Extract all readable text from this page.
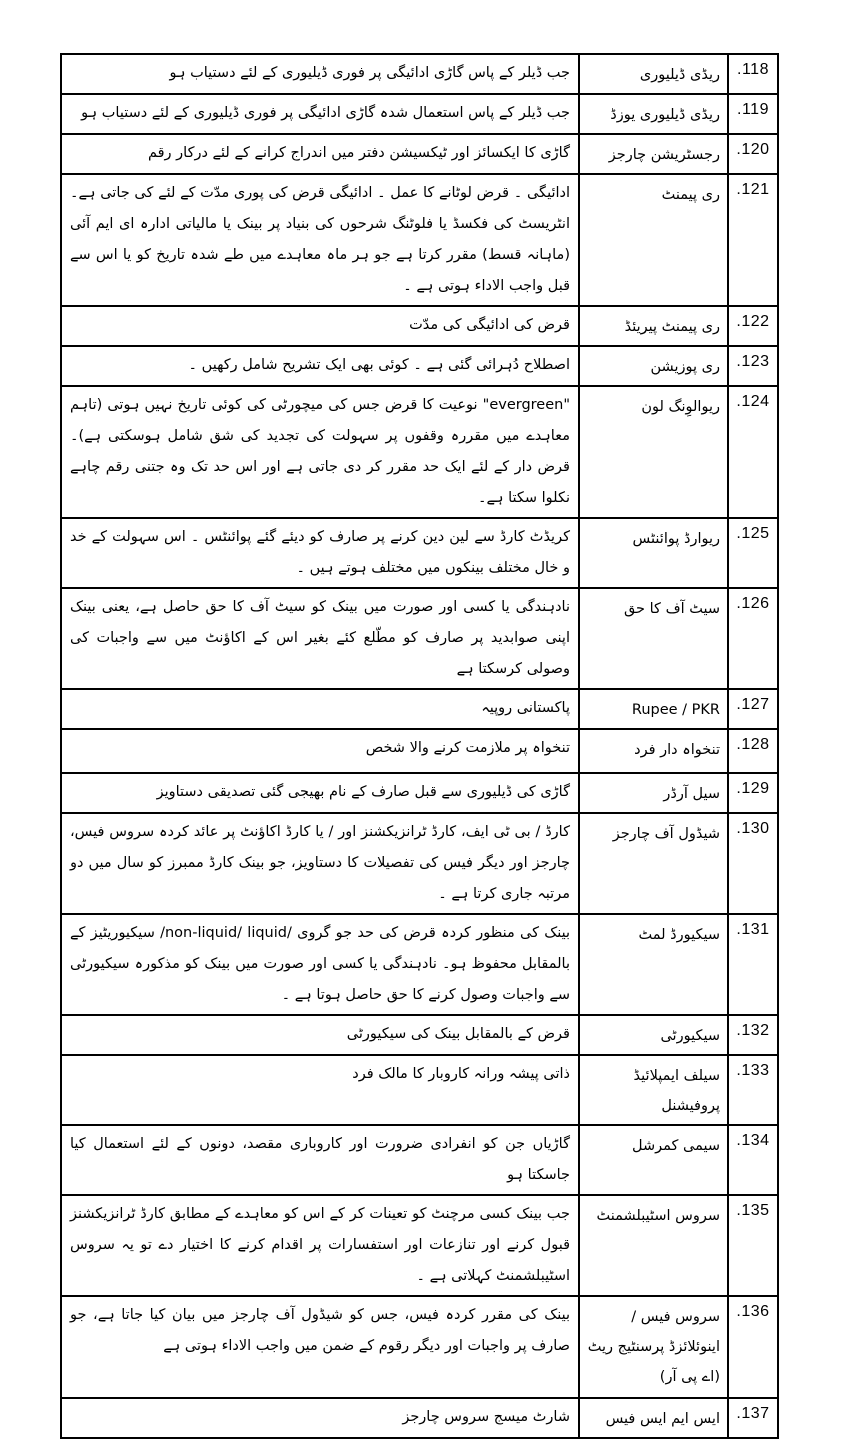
118.	ریڈی ڈیلیوری	جب ڈیلر کے پاس گاڑی ادائیگی پر فوری ڈیلیوری کے لئے دستیاب ہو
119.	ریڈی ڈیلیوری یوزڈ	جب ڈیلر کے پاس استعمال شدہ گاڑی ادائیگی پر فوری ڈیلیوری کے لئے دستیاب ہو
120.	رجسٹریشن چارجز	گاڑی کا ایکسائز اور ٹیکسیشن دفتر میں اندراج کرانے کے لئے درکار رقم
121.	ری پیمنٹ	ادائیگی ۔ قرض لوٹانے کا عمل ۔ ادائیگی قرض کی پوری مدّت کے لئے کی جاتی ہے۔ انٹریسٹ کی فکسڈ یا فلوٹنگ شرحوں کی بنیاد پر بینک یا مالیاتی ادارہ ای ایم آئی (ماہانہ قسط) مقرر کرتا ہے جو ہر ماہ معاہدے میں طے شدہ تاریخ کو یا اس سے قبل واجب الاداء ہوتی ہے ۔
122.	ری پیمنٹ پیریئڈ	قرض کی ادائیگی کی مدّت
123.	ری پوزیشن	اصطلاح دُہرائی گئی ہے ۔ کوئی بھی ایک تشریح شامل رکھیں ۔
124.	ریوالوِنگ لون	"evergreen" نوعیت کا قرض جس کی میچورٹی کی کوئی تاریخ نہیں ہوتی (تاہم معاہدے میں مقررہ وقفوں پر سہولت کی تجدید کی شق شامل ہوسکتی ہے)۔ قرض دار کے لئے ایک حد مقرر کر دی جاتی ہے اور اس حد تک وہ جتنی رقم چاہے نکلوا سکتا ہے۔
125.	ریوارڈ پوائنٹس	کریڈٹ کارڈ سے لین دین کرنے پر صارف کو دیئے گئے پوائنٹس ۔ اس سہولت کے خد و خال مختلف بینکوں میں مختلف ہوتے ہیں ۔
126.	سیٹ آف کا حق	نادہندگی یا کسی اور صورت میں بینک کو سیٹ آف کا حق حاصل ہے، یعنی بینک اپنی صوابدید پر صارف کو مطّلع کئے بغیر اس کے اکاؤنٹ میں سے واجبات کی وصولی کرسکتا ہے
127.	Rupee / PKR	پاکستانی روپیہ
128.	تنخواہ دار فرد	تنخواہ پر ملازمت کرنے والا شخص
129.	سیل آرڈر	گاڑی کی ڈیلیوری سے قبل صارف کے نام بھیجی گئی تصدیقی دستاویز
130.	شیڈول آف چارجز	کارڈ / بی ٹی ایف، کارڈ ٹرانزیکشنز اور / یا کارڈ اکاؤنٹ پر عائد کردہ سروس فیس، چارجز اور دیگر فیس کی تفصیلات کا دستاویز، جو بینک کارڈ ممبرز کو سال میں دو مرتبہ جاری کرتا ہے ۔
131.	سیکیورڈ لمٹ	بینک کی منظور کردہ قرض کی حد جو گروی /non-liquid/ liquid/ سیکیوریٹیز کے بالمقابل محفوظ ہو۔ نادہندگی یا کسی اور صورت میں بینک کو مذکورہ سیکیورٹی سے واجبات وصول کرنے کا حق حاصل ہوتا ہے ۔
132.	سیکیورٹی	قرض کے بالمقابل بینک کی سیکیورٹی
133.	سیلف ایمپلائیڈ پروفیشنل	ذاتی پیشہ ورانہ کاروبار کا مالک فرد
134.	سیمی کمرشل	گاڑیاں جن کو انفرادی ضرورت اور کاروباری مقصد، دونوں کے لئے استعمال کیا جاسکتا ہو
135.	سروس اسٹیبلشمنٹ	جب بینک کسی مرچنٹ کو تعینات کر کے اس کو معاہدے کے مطابق کارڈ ٹرانزیکشنز قبول کرنے اور تنازعات اور استفسارات پر اقدام کرنے کا اختیار دے تو یہ سروس اسٹیبلشمنٹ کہلاتی ہے ۔
136.	سروس فیس / اینوئلائزڈ پرسنٹیج ریٹ (اے پی آر)	بینک کی مقرر کردہ فیس، جس کو شیڈول آف چارجز میں بیان کیا جاتا ہے، جو صارف پر واجبات اور دیگر رقوم کے ضمن میں واجب الاداء ہوتی ہے
137.	ایس ایم ایس فیس	شارٹ میسج سروس چارجز
